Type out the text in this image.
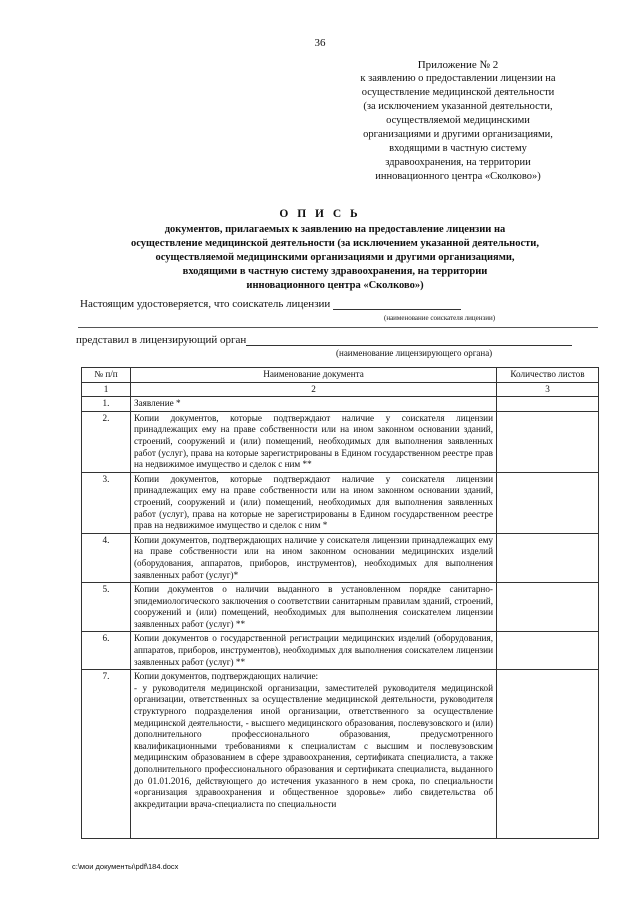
36
Приложение № 2
к заявлению о предоставлении лицензии на
осуществление медицинской деятельности
(за исключением указанной деятельности,
осуществляемой медицинскими
организациями и другими организациями,
входящими в частную систему
здравоохранения, на территории
инновационного центра «Сколково»)
О П И С Ь
документов, прилагаемых к заявлению на предоставление лицензии на
осуществление медицинской деятельности (за исключением указанной деятельности,
осуществляемой медицинскими организациями и другими организациями,
входящими в частную систему здравоохранения, на территории
инновационного центра «Сколково»)
Настоящим удостоверяется, что соискатель лицензии
(наименование соискателя лицензии)
представил в лицензирующий орган
(наименование лицензирующего органа)
№ п/п	Наименование документа	Количество листов
1	2	3
1.	Заявление *	
2.	Копии документов, которые подтверждают наличие у соискателя лицензии принадлежащих ему на праве собственности или на ином законном основании зданий, строений, сооружений и (или) помещений, необходимых для выполнения заявленных работ (услуг), права на которые зарегистрированы в Едином государственном реестре прав на недвижимое имущество и сделок с ним **	
3.	Копии документов, которые подтверждают наличие у соискателя лицензии принадлежащих ему на праве собственности или на ином законном основании зданий, строений, сооружений и (или) помещений, необходимых для выполнения заявленных работ (услуг), права на которые не зарегистрированы в Едином государственном реестре прав на недвижимое имущество и сделок с ним *	
4.	Копии документов, подтверждающих наличие у соискателя лицензии принадлежащих ему на праве собственности или на ином законном основании медицинских изделий (оборудования, аппаратов, приборов, инструментов), необходимых для выполнения заявленных работ (услуг)*	
5.	Копии документов о наличии выданного в установленном порядке санитарно-эпидемиологического заключения о соответствии санитарным правилам зданий, строений, сооружений и (или) помещений, необходимых для выполнения соискателем лицензии заявленных работ (услуг) **	
6.	Копии документов о государственной регистрации медицинских изделий (оборудования, аппаратов, приборов, инструментов), необходимых для выполнения соискателем лицензии заявленных работ (услуг) **	
7.	Копии документов, подтверждающих наличие:
- у руководителя медицинской организации, заместителей руководителя медицинской организации, ответственных за осуществление медицинской деятельности, руководителя структурного подразделения иной организации, ответственного за осуществление медицинской деятельности, - высшего медицинского образования, послевузовского и (или) дополнительного профессионального образования, предусмотренного квалификационными требованиями к специалистам с высшим и послевузовским медицинским образованием в сфере здравоохранения, сертификата специалиста, а также дополнительного профессионального образования и сертификата специалиста, выданного до 01.01.2016, действующего до истечения указанного в нем срока, по специальности «организация здравоохранения и общественное здоровье» либо свидетельства об аккредитации врача-специалиста по специальности	

c:\мои документы\pdf\184.docx
